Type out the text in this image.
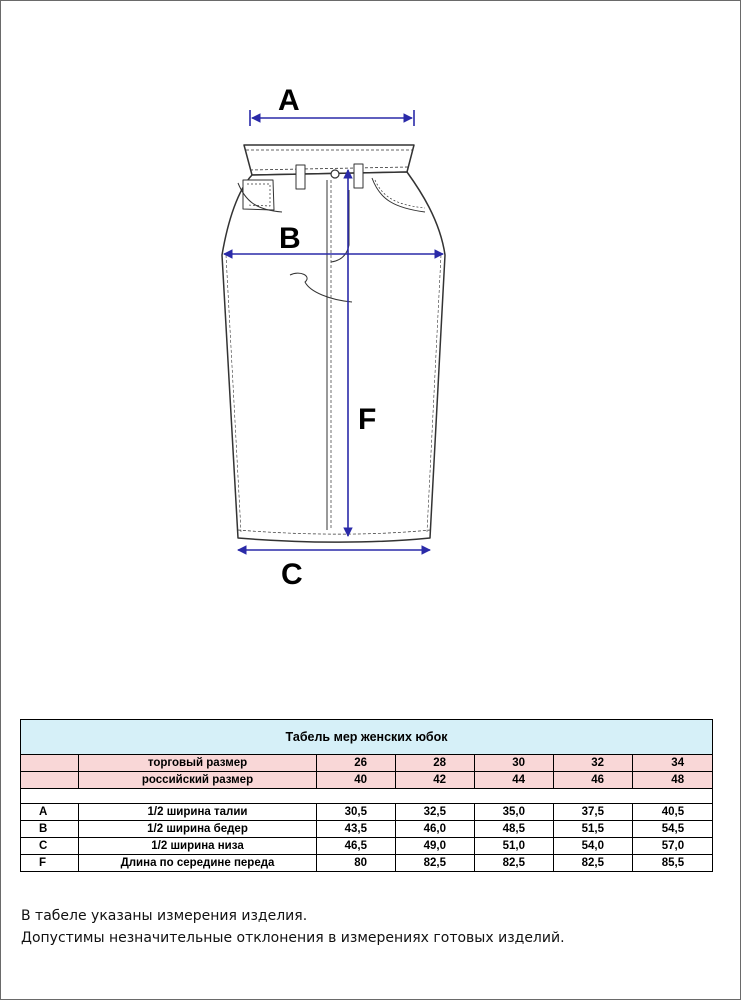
A
B
F
C
Табель мер женских юбок						
	торговый размер	26	28	30	32	34
	российский размер	40	42	44	46	48

A	1/2 ширина талии	30,5	32,5	35,0	37,5	40,5
B	1/2 ширина бедер	43,5	46,0	48,5	51,5	54,5
C	1/2 ширина низа	46,5	49,0	51,0	54,0	57,0
F	Длина по середине переда	80	82,5	82,5	82,5	85,5
В табеле указаны измерения изделия.
Допустимы незначительные отклонения в измерениях готовых изделий.
